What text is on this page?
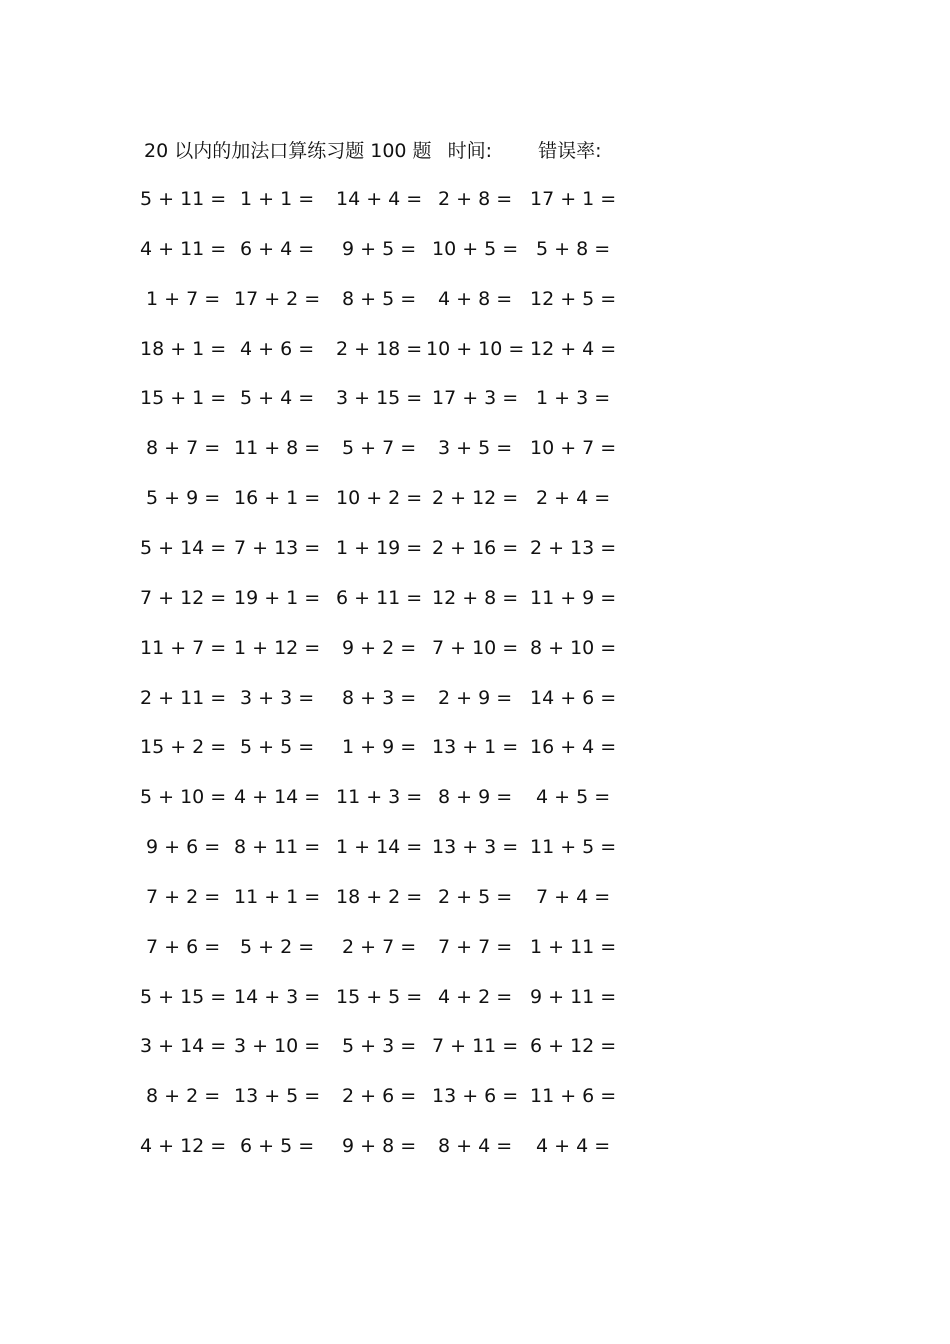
20 以内的加法口算练习题 100 题 时间: 错误率:
5 + 11 = 1 + 1 = 14 + 4 = 2 + 8 = 17 + 1 =
4 + 11 = 6 + 4 = 9 + 5 = 10 + 5 = 5 + 8 =
1 + 7 = 17 + 2 = 8 + 5 = 4 + 8 = 12 + 5 =
18 + 1 = 4 + 6 = 2 + 18 = 10 + 10 = 12 + 4 =
15 + 1 = 5 + 4 = 3 + 15 = 17 + 3 = 1 + 3 =
8 + 7 = 11 + 8 = 5 + 7 = 3 + 5 = 10 + 7 =
5 + 9 = 16 + 1 = 10 + 2 = 2 + 12 = 2 + 4 =
5 + 14 = 7 + 13 = 1 + 19 = 2 + 16 = 2 + 13 =
7 + 12 = 19 + 1 = 6 + 11 = 12 + 8 = 11 + 9 =
11 + 7 = 1 + 12 = 9 + 2 = 7 + 10 = 8 + 10 =
2 + 11 = 3 + 3 = 8 + 3 = 2 + 9 = 14 + 6 =
15 + 2 = 5 + 5 = 1 + 9 = 13 + 1 = 16 + 4 =
5 + 10 = 4 + 14 = 11 + 3 = 8 + 9 = 4 + 5 =
9 + 6 = 8 + 11 = 1 + 14 = 13 + 3 = 11 + 5 =
7 + 2 = 11 + 1 = 18 + 2 = 2 + 5 = 7 + 4 =
7 + 6 = 5 + 2 = 2 + 7 = 7 + 7 = 1 + 11 =
5 + 15 = 14 + 3 = 15 + 5 = 4 + 2 = 9 + 11 =
3 + 14 = 3 + 10 = 5 + 3 = 7 + 11 = 6 + 12 =
8 + 2 = 13 + 5 = 2 + 6 = 13 + 6 = 11 + 6 =
4 + 12 = 6 + 5 = 9 + 8 = 8 + 4 = 4 + 4 =
